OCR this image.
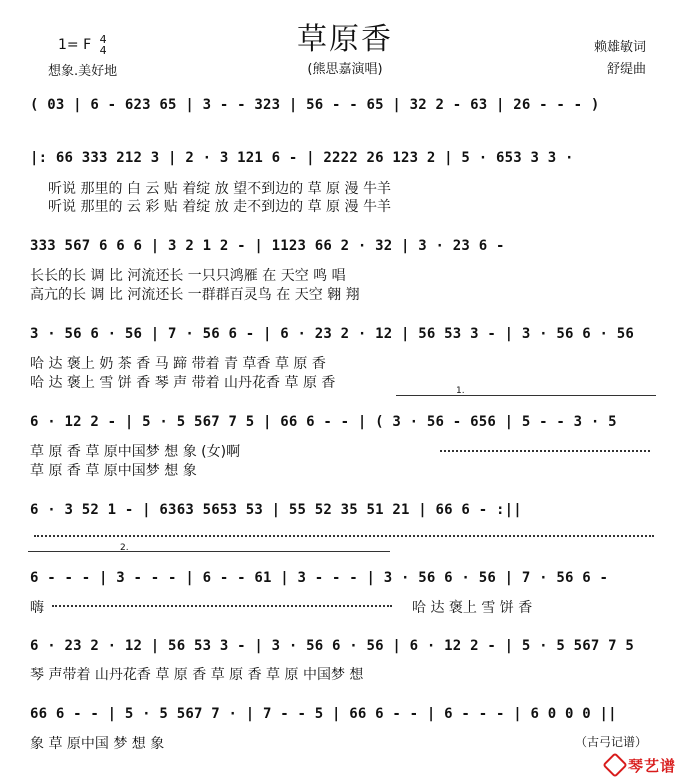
草原香
1= F 4
4
想象.美好地	(熊思嘉演唱)
赖雄敏词
舒缇曲
( 03 | 6 - 623 65 | 3 - - 323 | 56 - - 65 | 32 2 - 63 | 26 - - - )
|: 66 333 212 3 | 2 · 3 121 6 - | 2222 26 123 2 | 5 · 653 3 3 ·
听说 那里的 白 云 贴 着绽 放 望不到边的 草 原 漫 牛羊
听说 那里的 云 彩 贴 着绽 放 走不到边的 草 原 漫 牛羊
333 567 6 6 6 | 3 2 1 2 - | 1123 66 2 · 32 | 3 · 23 6 -
长长的长 调 比 河流还长 一只只鸿雁 在 天空 鸣 唱
高亢的长 调 比 河流还长 一群群百灵鸟 在 天空 翱 翔
3 · 56 6 · 56 | 7 · 56 6 - | 6 · 23 2 · 12 | 56 53 3 - | 3 · 56 6 · 56
哈 达 褒上 奶 茶 香 马 蹄 带着 青 草香 草 原 香
哈 达 褒上 雪 饼 香 琴 声 带着 山丹花香 草 原 香	1.
6 · 12 2 - | 5 · 5 567 7 5 | 66 6 - - | ( 3 · 56 - 656 | 5 - - 3 · 5
草 原 香 草 原中国梦 想 象 (女)啊
草 原 香 草 原中国梦 想 象
6 · 3 52 1 - | 6363 5653 53 | 55 52 35 51 21 | 66 6 - :||
2.
6 - - - | 3 - - - | 6 - - 61 | 3 - - - | 3 · 56 6 · 56 | 7 · 56 6 -
嗨	哈 达 褒上 雪 饼 香
6 · 23 2 · 12 | 56 53 3 - | 3 · 56 6 · 56 | 6 · 12 2 - | 5 · 5 567 7 5
琴 声带着 山丹花香 草 原 香 草 原 香 草 原 中国梦 想
66 6 - - | 5 · 5 567 7 · | 7 - - 5 | 66 6 - - | 6 - - - | 6 0 0 0 ||
象 草 原中国 梦 想 象	（古弓记谱）
琴艺谱
